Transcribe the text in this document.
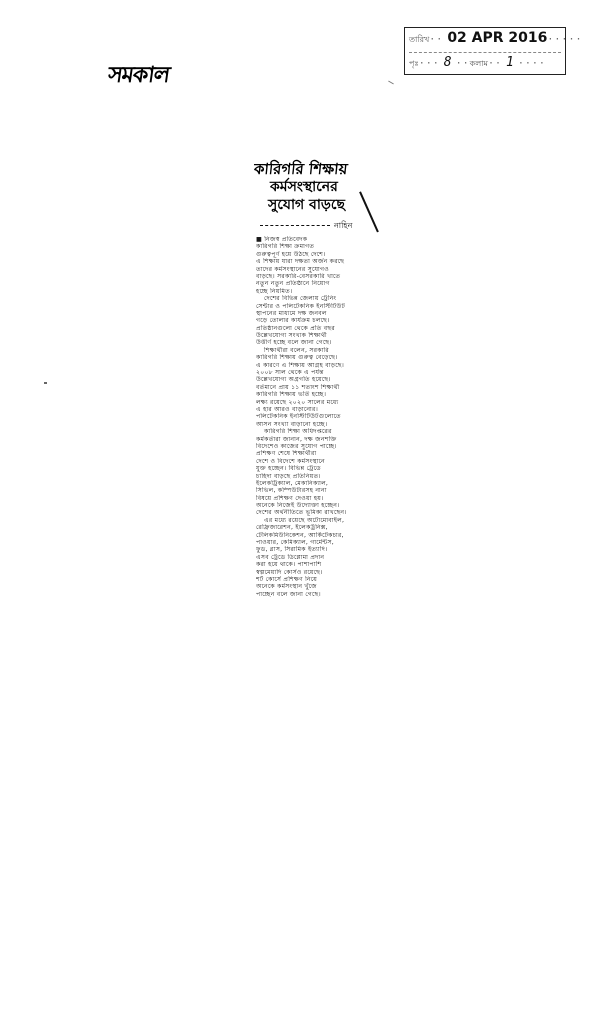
সমকাল
তারিখ·· 02 APR 2016·····
পৃঃ··· 8 ··কলাম·· 1 ····
কারিগরি শিক্ষায়
কর্মসংস্থানের
সুযোগ বাড়ছে
নাহিন
■ নিজস্ব প্রতিবেদক
কারিগরি শিক্ষা ক্রমাগত
গুরুত্বপূর্ণ হয়ে উঠছে দেশে।
এ শিক্ষায় যারা দক্ষতা অর্জন করছে
তাদের কর্মসংস্থানের সুযোগও
বাড়ছে। সরকারি-বেসরকারি খাতে
নতুন নতুন প্রতিষ্ঠানে নিয়োগ
হচ্ছে নিয়মিত।
দেশের বিভিন্ন জেলায় ট্রেনিং
সেন্টার ও পলিটেকনিক ইনস্টিটিউট
স্থাপনের মাধ্যমে দক্ষ জনবল
গড়ে তোলার কার্যক্রম চলছে।
প্রতিষ্ঠানগুলো থেকে প্রতি বছর
উল্লেখযোগ্য সংখ্যক শিক্ষার্থী
উত্তীর্ণ হচ্ছে বলে জানা গেছে।
শিক্ষার্থীরা বলেন, সরকারি
কারিগরি শিক্ষায় গুরুত্ব বেড়েছে।
এ কারণে এ শিক্ষায় আগ্রহ বাড়ছে।
২০০৮ সাল থেকে এ পর্যন্ত
উল্লেখযোগ্য অগ্রগতি হয়েছে।
বর্তমানে প্রায় ১১ শতাংশ শিক্ষার্থী
কারিগরি শিক্ষায় ভর্তি হচ্ছে।
লক্ষ্য রয়েছে ২০২০ সালের মধ্যে
এ হার আরও বাড়ানোর।
পলিটেকনিক ইনস্টিটিউটগুলোতে
আসন সংখ্যা বাড়ানো হচ্ছে।
কারিগরি শিক্ষা অধিদপ্তরের
কর্মকর্তারা জানান, দক্ষ জনশক্তি
বিদেশেও কাজের সুযোগ পাচ্ছে।
প্রশিক্ষণ শেষে শিক্ষার্থীরা
দেশে ও বিদেশে কর্মসংস্থানে
যুক্ত হচ্ছেন। বিভিন্ন ট্রেডে
চাহিদা বাড়ছে প্রতিনিয়ত।
ইলেকট্রিক্যাল, মেকানিক্যাল,
সিভিল, কম্পিউটারসহ নানা
বিষয়ে প্রশিক্ষণ দেওয়া হয়।
অনেকে নিজেই উদ্যোক্তা হচ্ছেন।
দেশের অর্থনীতিতে ভূমিকা রাখছেন।
এর মধ্যে রয়েছে অটোমোবাইল,
রেফ্রিজারেশন, ইলেকট্রনিক্স,
টেলিকমিউনিকেশন, আর্কিটেকচার,
পাওয়ার, কেমিক্যাল, গার্মেন্টস,
ফুড, গ্লাস, সিরামিক ইত্যাদি।
এসব ট্রেডে ডিপ্লোমা প্রদান
করা হয়ে থাকে। পাশাপাশি
স্বল্পমেয়াদি কোর্সও রয়েছে।
শর্ট কোর্সে প্রশিক্ষণ নিয়ে
অনেকে কর্মসংস্থান খুঁজে
পাচ্ছেন বলে জানা গেছে।
